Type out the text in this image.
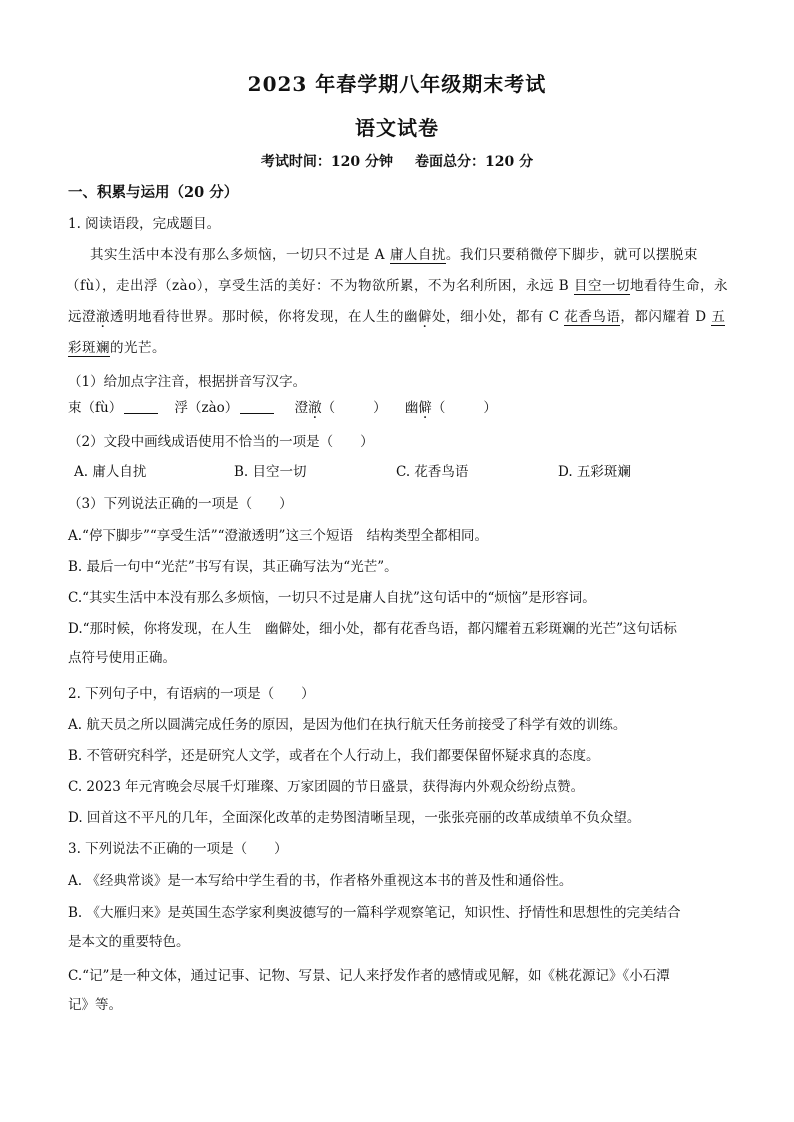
2023 年春学期八年级期末考试
语文试卷
考试时间：120 分钟 卷面总分：120 分
一、积累与运用（20 分）
1. 阅读语段，完成题目。
其实生活中本没有那么多烦恼，一切只不过是 A 庸人自扰。我们只要稍微停下脚步，就可以摆脱束
（fù），走出浮（zào），享受生活的美好：不为物欲所累，不为名利所困，永远 B 目空一切地看待生命，永
远澄澈透明地看待世界。那时候，你将发现，在人生的幽僻处，细小处，都有 C 花香鸟语，都闪耀着 D 五
彩斑斓的光芒。
（1）给加点字注音，根据拼音写汉字。
束（fù）	浮（zào）	澄澈（	） 幽僻（	）
（2）文段中画线成语使用不恰当的一项是（　　）
A. 庸人自扰	B. 目空一切	C. 花香鸟语	D. 五彩斑斓
（3）下列说法正确的一项是（　　）
A.“停下脚步”“享受生活”“澄澈透明”这三个短语　结构类型全都相同。
B. 最后一句中“光茫”书写有误，其正确写法为“光芒”。
C.“其实生活中本没有那么多烦恼，一切只不过是庸人自扰”这句话中的“烦恼”是形容词。
D.“那时候，你将发现，在人生　幽僻处，细小处，都有花香鸟语，都闪耀着五彩斑斓的光芒”这句话标
点符号使用正确。
2. 下列句子中，有语病的一项是（　　）
A. 航天员之所以圆满完成任务的原因，是因为他们在执行航天任务前接受了科学有效的训练。
B. 不管研究科学，还是研究人文学，或者在个人行动上，我们都要保留怀疑求真的态度。
C. 2023 年元宵晚会尽展千灯璀璨、万家团圆的节日盛景，获得海内外观众纷纷点赞。
D. 回首这不平凡的几年，全面深化改革的走势图清晰呈现，一张张亮丽的改革成绩单不负众望。
3. 下列说法不正确的一项是（　　）
A. 《经典常谈》是一本写给中学生看的书，作者格外重视这本书的普及性和通俗性。
B. 《大雁归来》是英国生态学家利奥波德写的一篇科学观察笔记，知识性、抒情性和思想性的完美结合
是本文的重要特色。
C.“记”是一种文体，通过记事、记物、写景、记人来抒发作者的感情或见解，如《桃花源记》《小石潭
记》等。
